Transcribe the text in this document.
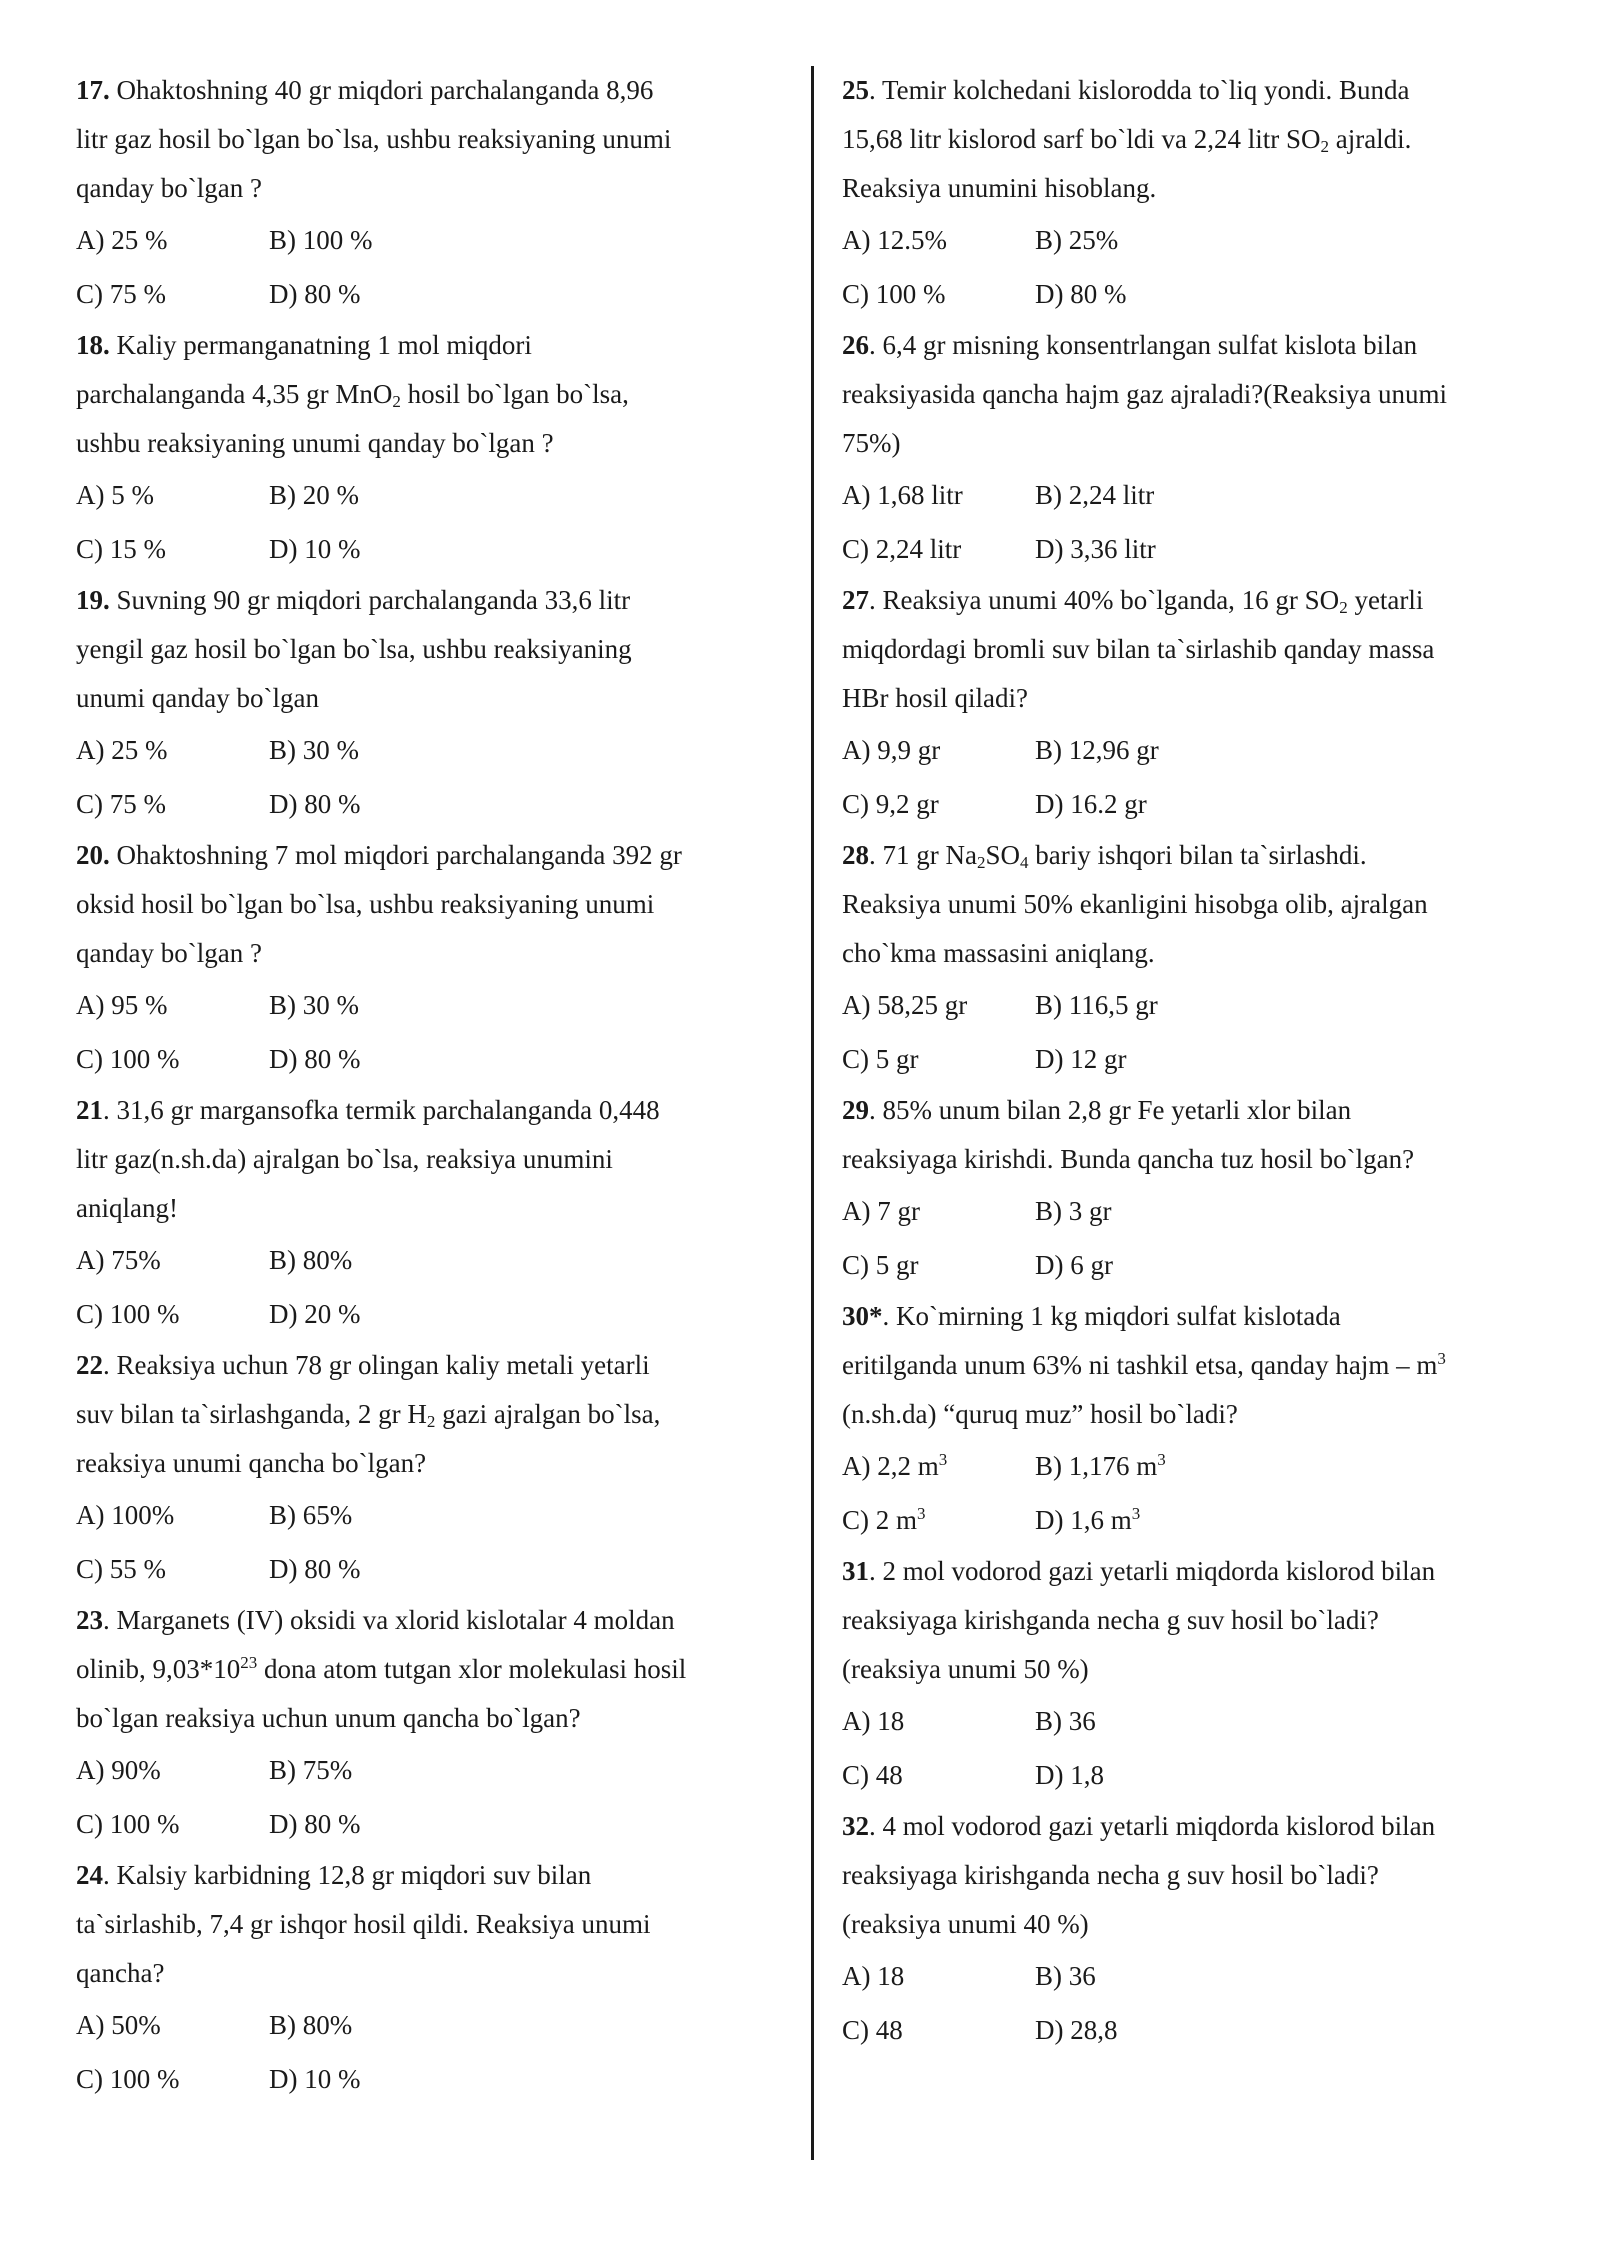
17. Ohaktoshning 40 gr miqdori parchalanganda 8,96
litr gaz hosil bo`lgan bo`lsa, ushbu reaksiyaning unumi
qanday bo`lgan ?
A) 25 %	B) 100 %
C) 75 %	D) 80 %
18. Kaliy permanganatning 1 mol miqdori
parchalanganda 4,35 gr MnO$_2$ hosil bo`lgan bo`lsa,
ushbu reaksiyaning unumi qanday bo`lgan ?
A) 5 %	B) 20 %
C) 15 %	D) 10 %
19. Suvning 90 gr miqdori parchalanganda 33,6 litr
yengil gaz hosil bo`lgan bo`lsa, ushbu reaksiyaning
unumi qanday bo`lgan
A) 25 %	B) 30 %
C) 75 %	D) 80 %
20. Ohaktoshning 7 mol miqdori parchalanganda 392 gr
oksid hosil bo`lgan bo`lsa, ushbu reaksiyaning unumi
qanday bo`lgan ?
A) 95 %	B) 30 %
C) 100 %	D) 80 %
21. 31,6 gr margansofka termik parchalanganda 0,448
litr gaz(n.sh.da) ajralgan bo`lsa, reaksiya unumini
aniqlang!
A) 75%	B) 80%
C) 100 %	D) 20 %
22. Reaksiya uchun 78 gr olingan kaliy metali yetarli
suv bilan ta`sirlashganda, 2 gr $H_2$ gazi ajralgan bo`lsa,
reaksiya unumi qancha bo`lgan?
A) 100%	B) 65%
C) 55 %	D) 80 %
23. Marganets (IV) oksidi va xlorid kislotalar 4 moldan
olinib, $9,03*10^{23}$ dona atom tutgan xlor molekulasi hosil
bo`lgan reaksiya uchun unum qancha bo`lgan?
A) 90%	B) 75%
C) 100 %	D) 80 %
24. Kalsiy karbidning 12,8 gr miqdori suv bilan
ta`sirlashib, 7,4 gr ishqor hosil qildi. Reaksiya unumi
qancha?
A) 50%	B) 80%
C) 100 %	D) 10 %
25. Temir kolchedani kislorodda to`liq yondi. Bunda
15,68 litr kislorod sarf bo`ldi va 2,24 litr $SO_2$ ajraldi.
Reaksiya unumini hisoblang.
A) 12.5%	B) 25%
C) 100 %	D) 80 %
26. 6,4 gr misning konsentrlangan sulfat kislota bilan
reaksiyasida qancha hajm gaz ajraladi?(Reaksiya unumi
75%)
A) 1,68 litr	B) 2,24 litr
C) 2,24 litr	D) 3,36 litr
27. Reaksiya unumi 40% bo`lganda, 16 gr $SO_2$ yetarli
miqdordagi bromli suv bilan ta`sirlashib qanday massa
HBr hosil qiladi?
A) 9,9 gr	B) 12,96 gr
C) 9,2 gr	D) 16.2 gr
28. 71 gr $Na_2SO_4$ bariy ishqori bilan ta`sirlashdi.
Reaksiya unumi 50% ekanligini hisobga olib, ajralgan
cho`kma massasini aniqlang.
A) 58,25 gr	B) 116,5 gr
C) 5 gr	D) 12 gr
29. 85% unum bilan 2,8 gr Fe yetarli xlor bilan
reaksiyaga kirishdi. Bunda qancha tuz hosil bo`lgan?
A) 7 gr	B) 3 gr
C) 5 gr	D) 6 gr
30*. Ko`mirning 1 kg miqdori sulfat kislotada
eritilganda unum 63% ni tashkil etsa, qanday hajm – $m^3$
(n.sh.da) “quruq muz” hosil bo`ladi?
A) 2,2 $m^3$	B) 1,176 $m^3$
C) 2 $m^3$	D) 1,6 $m^3$
31. 2 mol vodorod gazi yetarli miqdorda kislorod bilan
reaksiyaga kirishganda necha g suv hosil bo`ladi?
(reaksiya unumi 50 %)
A) 18	B) 36
C) 48	D) 1,8
32. 4 mol vodorod gazi yetarli miqdorda kislorod bilan
reaksiyaga kirishganda necha g suv hosil bo`ladi?
(reaksiya unumi 40 %)
A) 18	B) 36
C) 48	D) 28,8
